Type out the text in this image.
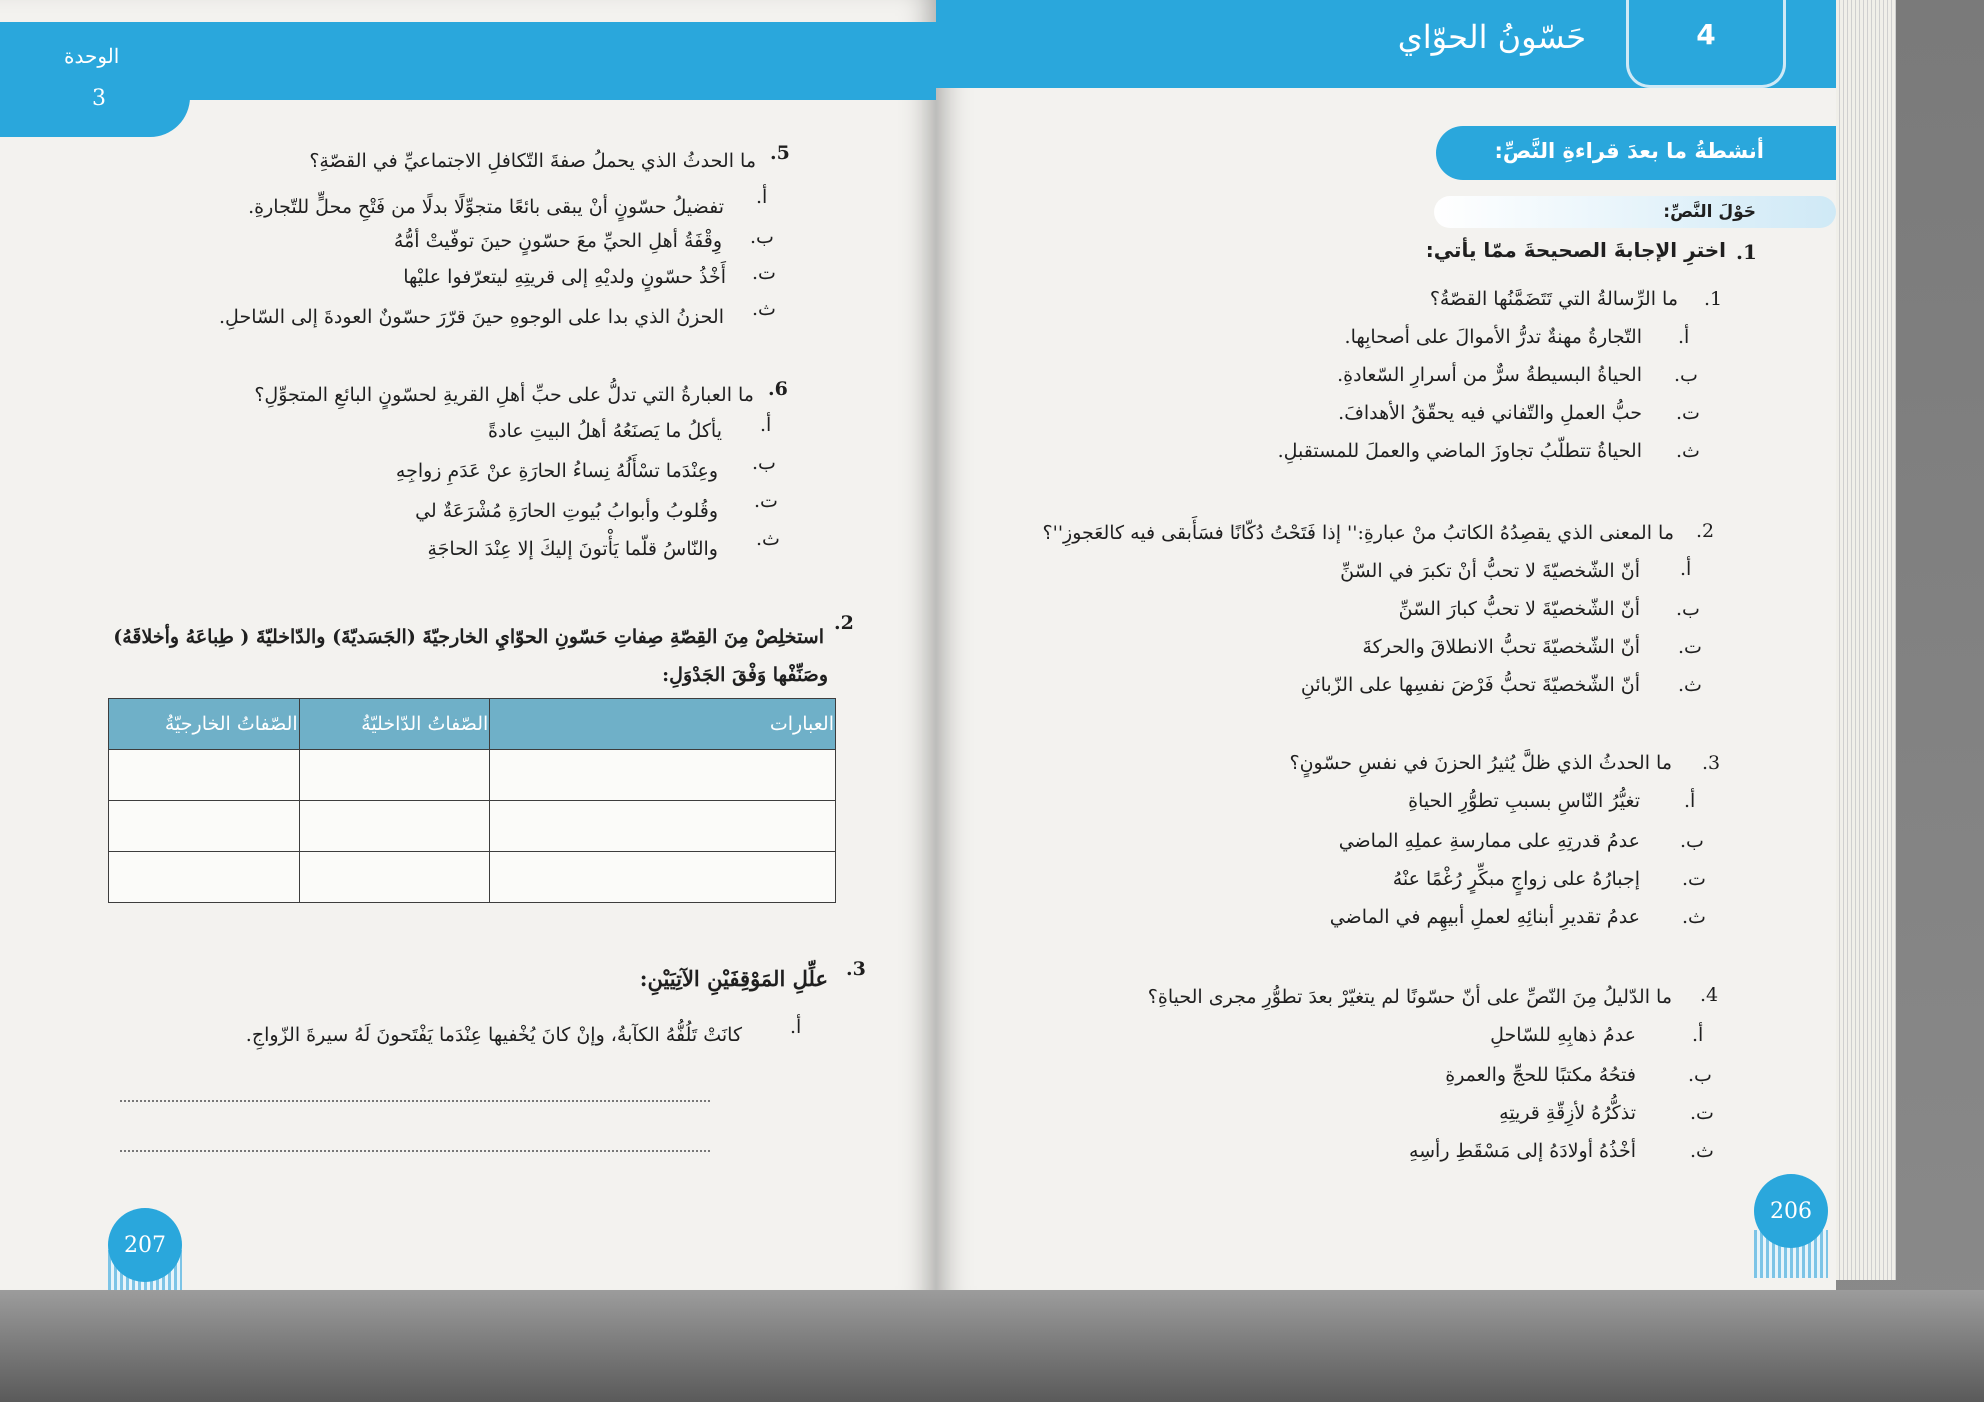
الوحدة
3
.5
ما الحدثُ الذي يحملُ صفةَ التّكافلِ الاجتماعيِّ في القصّةِ؟
أ.
تفضيلُ حسّونٍ أنْ يبقى بائعًا متجوِّلًا بدلًا من فَتْحِ محلٍّ للتّجارةِ.
ب.
وِقْفَةُ أهلِ الحيِّ معَ حسّونٍ حينَ توفّيتْ أمُّهُ
ت.
أَخْذُ حسّونٍ ولديْهِ إلى قريتِهِ ليتعرّفوا عليْها
ث.
الحزنُ الذي بدا على الوجوهِ حينَ قرّرَ حسّونٌ العودةَ إلى السّاحلِ.
.6
ما العبارةُ التي تدلُّ على حبِّ أهلِ القريةِ لحسّونٍ البائعِ المتجوِّلِ؟
أ.
يأكلُ ما يَصنَعُهُ أهلُ البيتِ عادةً
ب.
وعِنْدَما تسْأَلُهُ نِساءُ الحارَةِ عنْ عَدَمِ زواجِهِ
ت.
وقُلوبُ وأبوابُ بُيوتِ الحارَةِ مُشْرَعَةٌ لي
ث.
والنّاسُ قلّما يَأْتونَ إليكَ إلا عِنْدَ الحاجَةِ
.2
استخلِصْ مِنَ القِصّةِ صِفاتِ حَسّونِ الحوّايِ الخارجيّةَ (الجَسَديّةَ) والدّاخليّةَ ( طِباعَهُ وأخلاقَهُ)
وصَنِّفْها وَفْقَ الجَدْوَلِ:
العبارات	الصّفاتُ الدّاخليّةُ	الصّفاتُ الخارجيّةُ

.3
علِّلِ المَوْقِفَيْنِ الآتِيَيْنِ:
أ.
كانَتْ تَلُفُّهُ الكآبةُ، وإنْ كانَ يُخْفيها عِنْدَما يَفْتَحونَ لَهُ سيرةَ الزّواجِ.
207

4
حَسّونُ الحوّاي
أنشطةُ ما بعدَ قراءةِ النَّصِّ:
حَوْلَ النَّصِّ:
.1
اخترِ الإجابةَ الصحيحةَ ممّا يأتي:
.1
ما الرِّسالةُ التي تَتَضَمَّنُها القصّةُ؟
أ.
التّجارةُ مهنةٌ تدرُّ الأموالَ على أصحابِها.
ب.
الحياةُ البسيطةُ سرٌّ من أسرارِ السّعادةِ.
ت.
حبُّ العملِ والتّفاني فيه يحقّقُ الأهدافَ.
ث.
الحياةُ تتطلّبُ تجاوزَ الماضي والعملَ للمستقبلِ.
.2
ما المعنى الذي يقصِدُهُ الكاتبُ منْ عبارةِ:'' إذا فَتَحْتُ دُكّانًا فسَأَبقى فيه كالعَجوزِ''؟
أ.
أنّ الشّخصيّةَ لا تحبُّ أنْ تكبرَ في السّنِّ
ب.
أنّ الشّخصيّةَ لا تحبُّ كبارَ السّنِّ
ت.
أنّ الشّخصيّةَ تحبُّ الانطلاقَ والحركةَ
ث.
أنّ الشّخصيّةَ تحبُّ فَرْضَ نفسِها على الزّبائنِ
.3
ما الحدثُ الذي ظلَّ يُثيرُ الحزنَ في نفسِ حسّونٍ؟
أ.
تغيُّرُ النّاسِ بسببِ تطوُّرِ الحياةِ
ب.
عدمُ قدرتِهِ على ممارسةِ عملِهِ الماضي
ت.
إجبارُهُ على زواجٍ مبكِّرٍ رُغْمًا عنْهُ
ث.
عدمُ تقديرِ أبنائِهِ لعملِ أبيهِم في الماضي
.4
ما الدّليلُ مِنَ النّصِّ على أنّ حسّونًا لم يتغيّرْ بعدَ تطوُّرِ مجرى الحياةِ؟
أ.
عدمُ ذهابِهِ للسّاحلِ
ب.
فتحُهُ مكتبًا للحجِّ والعمرةِ
ت.
تذكُّرُهُ لأزِقّةِ قريتِهِ
ث.
أخْذُهُ أولادَهُ إلى مَسْقَطِ رأسِهِ
206
